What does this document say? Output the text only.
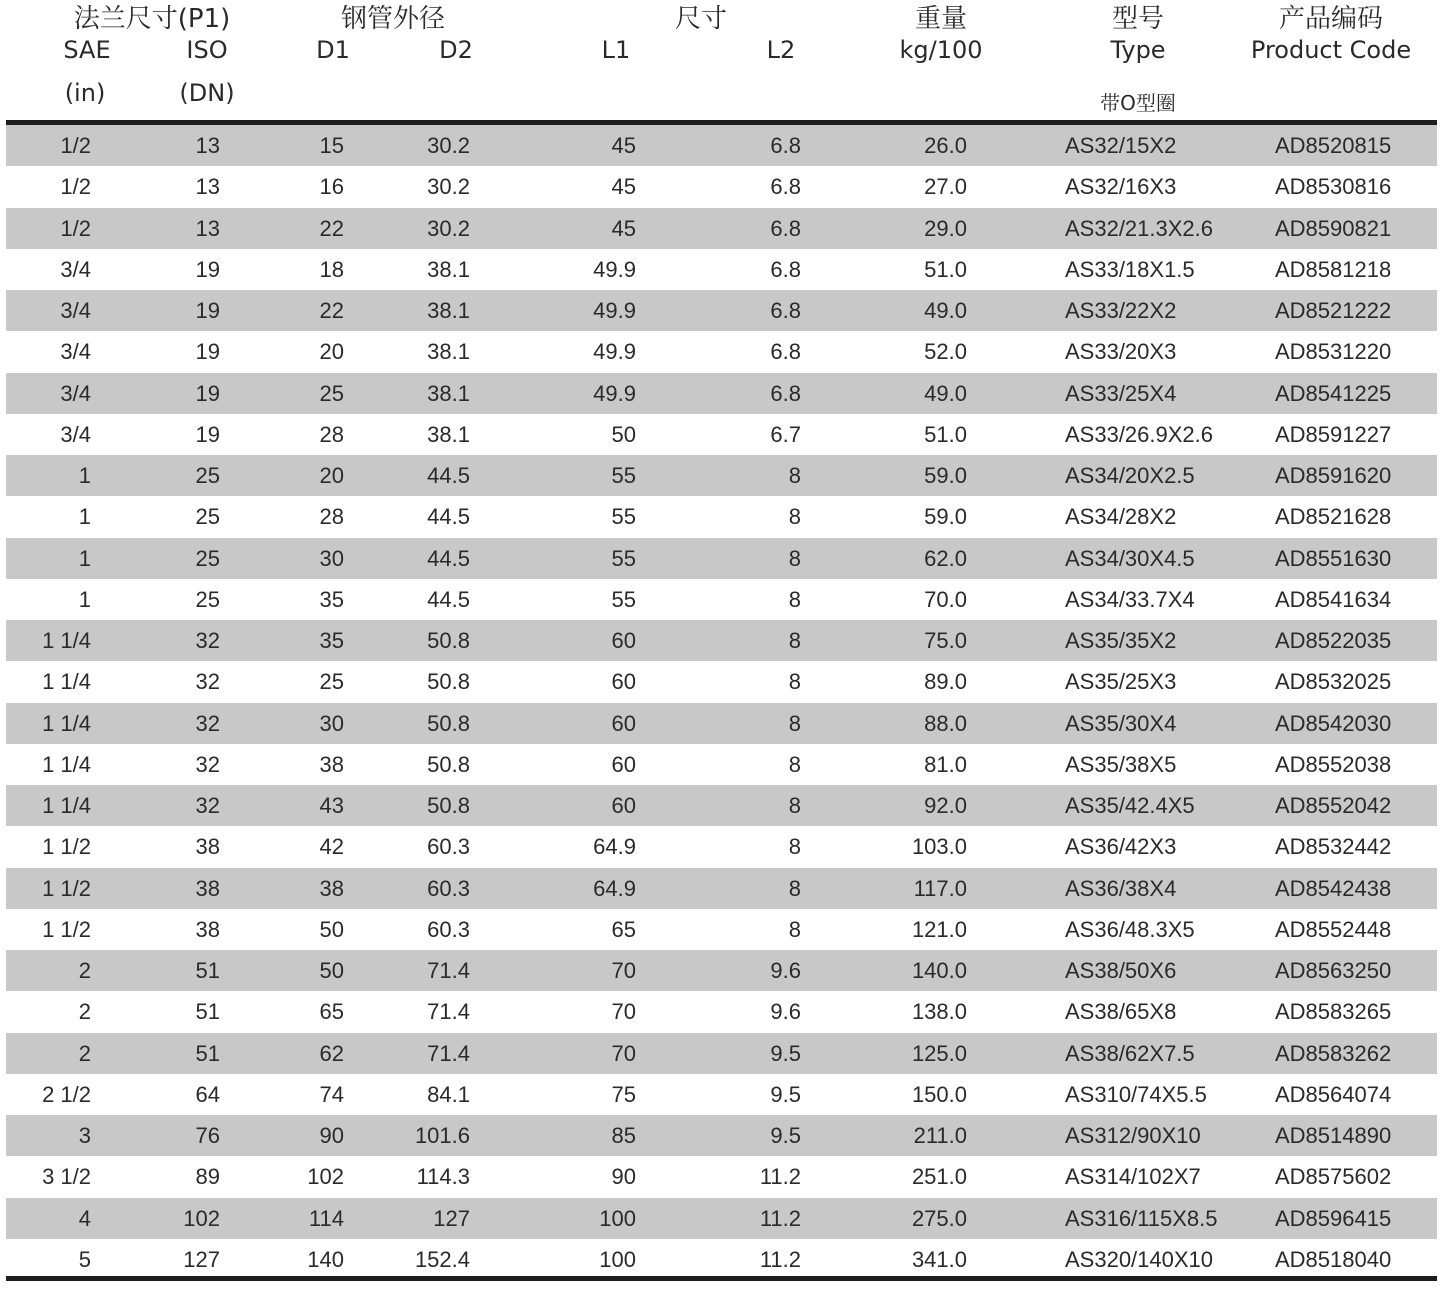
法兰尺寸(P1)
SAE	ISO
(in)	(DN)
钢管外径
D1	D2
尺寸
L1	L2
重量
kg/100
型号
Type
带O型圈
产品编码
Product Code
1/2	13	15	30.2	45	6.8	26.0	AS32/15X2	AD8520815
1/2	13	16	30.2	45	6.8	27.0	AS32/16X3	AD8530816
1/2	13	22	30.2	45	6.8	29.0	AS32/21.3X2.6	AD8590821
3/4	19	18	38.1	49.9	6.8	51.0	AS33/18X1.5	AD8581218
3/4	19	22	38.1	49.9	6.8	49.0	AS33/22X2	AD8521222
3/4	19	20	38.1	49.9	6.8	52.0	AS33/20X3	AD8531220
3/4	19	25	38.1	49.9	6.8	49.0	AS33/25X4	AD8541225
3/4	19	28	38.1	50	6.7	51.0	AS33/26.9X2.6	AD8591227
1	25	20	44.5	55	8	59.0	AS34/20X2.5	AD8591620
1	25	28	44.5	55	8	59.0	AS34/28X2	AD8521628
1	25	30	44.5	55	8	62.0	AS34/30X4.5	AD8551630
1	25	35	44.5	55	8	70.0	AS34/33.7X4	AD8541634
1 1/4	32	35	50.8	60	8	75.0	AS35/35X2	AD8522035
1 1/4	32	25	50.8	60	8	89.0	AS35/25X3	AD8532025
1 1/4	32	30	50.8	60	8	88.0	AS35/30X4	AD8542030
1 1/4	32	38	50.8	60	8	81.0	AS35/38X5	AD8552038
1 1/4	32	43	50.8	60	8	92.0	AS35/42.4X5	AD8552042
1 1/2	38	42	60.3	64.9	8	103.0	AS36/42X3	AD8532442
1 1/2	38	38	60.3	64.9	8	117.0	AS36/38X4	AD8542438
1 1/2	38	50	60.3	65	8	121.0	AS36/48.3X5	AD8552448
2	51	50	71.4	70	9.6	140.0	AS38/50X6	AD8563250
2	51	65	71.4	70	9.6	138.0	AS38/65X8	AD8583265
2	51	62	71.4	70	9.5	125.0	AS38/62X7.5	AD8583262
2 1/2	64	74	84.1	75	9.5	150.0	AS310/74X5.5	AD8564074
3	76	90	101.6	85	9.5	211.0	AS312/90X10	AD8514890
3 1/2	89	102	114.3	90	11.2	251.0	AS314/102X7	AD8575602
4	102	114	127	100	11.2	275.0	AS316/115X8.5	AD8596415
5	127	140	152.4	100	11.2	341.0	AS320/140X10	AD8518040
